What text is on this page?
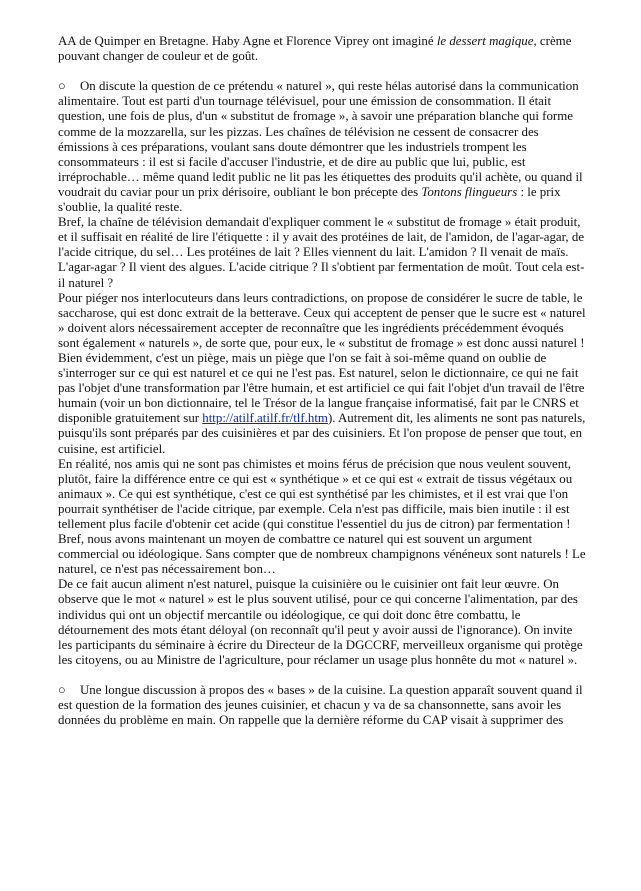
AA de Quimper en Bretagne. Haby Agne et Florence Viprey ont imaginé le dessert magique, crème pouvant changer de couleur et de goût.

○ On discute la question de ce prétendu « naturel », qui reste hélas autorisé dans la communication alimentaire. Tout est parti d'un tournage télévisuel, pour une émission de consommation. Il était question, une fois de plus, d'un « substitut de fromage », à savoir une préparation blanche qui forme comme de la mozzarella, sur les pizzas. Les chaînes de télévision ne cessent de consacrer des émissions à ces préparations, voulant sans doute démontrer que les industriels trompent les consommateurs : il est si facile d'accuser l'industrie, et de dire au public que lui, public, est irréprochable… même quand ledit public ne lit pas les étiquettes des produits qu'il achète, ou quand il voudrait du caviar pour un prix dérisoire, oubliant le bon précepte des Tontons flingueurs : le prix s'oublie, la qualité reste.

Bref, la chaîne de télévision demandait d'expliquer comment le « substitut de fromage » était produit, et il suffisait en réalité de lire l'étiquette : il y avait des protéines de lait, de l'amidon, de l'agar-agar, de l'acide citrique, du sel… Les protéines de lait ? Elles viennent du lait. L'amidon ? Il venait de maïs. L'agar-agar ? Il vient des algues. L'acide citrique ? Il s'obtient par fermentation de moût. Tout cela est-il naturel ?

Pour piéger nos interlocuteurs dans leurs contradictions, on propose de considérer le sucre de table, le saccharose, qui est donc extrait de la betterave. Ceux qui acceptent de penser que le sucre est « naturel » doivent alors nécessairement accepter de reconnaître que les ingrédients précédemment évoqués sont également « naturels », de sorte que, pour eux, le « substitut de fromage » est donc aussi naturel !

Bien évidemment, c'est un piège, mais un piège que l'on se fait à soi-même quand on oublie de s'interroger sur ce qui est naturel et ce qui ne l'est pas. Est naturel, selon le dictionnaire, ce qui ne fait pas l'objet d'une transformation par l'être humain, et est artificiel ce qui fait l'objet d'un travail de l'être humain (voir un bon dictionnaire, tel le Trésor de la langue française informatisé, fait par le CNRS et disponible gratuitement sur http://atilf.atilf.fr/tlf.htm). Autrement dit, les aliments ne sont pas naturels, puisqu'ils sont préparés par des cuisinières et par des cuisiniers. Et l'on propose de penser que tout, en cuisine, est artificiel.

En réalité, nos amis qui ne sont pas chimistes et moins férus de précision que nous veulent souvent, plutôt, faire la différence entre ce qui est « synthétique » et ce qui est « extrait de tissus végétaux ou animaux ». Ce qui est synthétique, c'est ce qui est synthétisé par les chimistes, et il est vrai que l'on pourrait synthétiser de l'acide citrique, par exemple. Cela n'est pas difficile, mais bien inutile : il est tellement plus facile d'obtenir cet acide (qui constitue l'essentiel du jus de citron) par fermentation !

Bref, nous avons maintenant un moyen de combattre ce naturel qui est souvent un argument commercial ou idéologique. Sans compter que de nombreux champignons vénéneux sont naturels ! Le naturel, ce n'est pas nécessairement bon…

De ce fait aucun aliment n'est naturel, puisque la cuisinière ou le cuisinier ont fait leur œuvre. On observe que le mot « naturel » est le plus souvent utilisé, pour ce qui concerne l'alimentation, par des individus qui ont un objectif mercantile ou idéologique, ce qui doit donc être combattu, le détournement des mots étant déloyal (on reconnaît qu'il peut y avoir aussi de l'ignorance). On invite les participants du séminaire à écrire du Directeur de la DGCCRF, merveilleux organisme qui protège les citoyens, ou au Ministre de l'agriculture, pour réclamer un usage plus honnête du mot « naturel ».

○ Une longue discussion à propos des « bases » de la cuisine. La question apparaît souvent quand il est question de la formation des jeunes cuisinier, et chacun y va de sa chansonnette, sans avoir les données du problème en main. On rappelle que la dernière réforme du CAP visait à supprimer des
